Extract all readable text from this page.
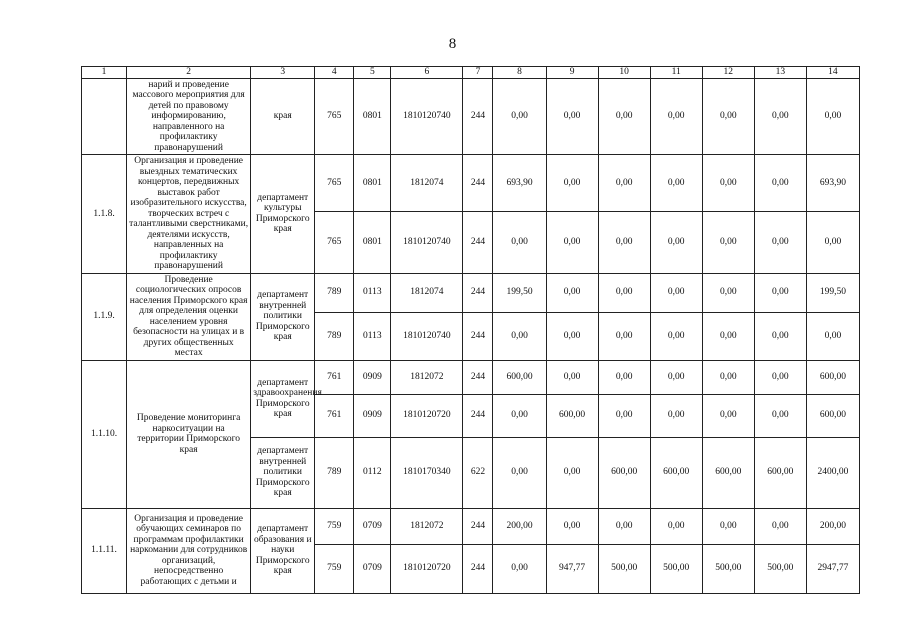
8
1	2	3	4	5	6	7	8	9	10	11	12	13	14
	нарий и проведение массового мероприятия для детей по правовому информированию, направленного на профилактику правонарушений	края	765	0801	1810120740	244	0,00	0,00	0,00	0,00	0,00	0,00	0,00
1.1.8.	Организация и проведение выездных тематических концертов, передвижных выставок работ изобразительного искусства, творческих встреч с талантливыми сверстниками, деятелями искусств, направленных на профилактику правонарушений	департамент культуры Приморского края	765	0801	1812074	244	693,90	0,00	0,00	0,00	0,00	0,00	693,90
			765	0801	1810120740	244	0,00	0,00	0,00	0,00	0,00	0,00	0,00
1.1.9.	Проведение социологических опросов населения Приморского края для определения оценки населением уровня безопасности на улицах и в других общественных местах	департамент внутренней политики Приморского края	789	0113	1812074	244	199,50	0,00	0,00	0,00	0,00	0,00	199,50
			789	0113	1810120740	244	0,00	0,00	0,00	0,00	0,00	0,00	0,00
1.1.10.	Проведение мониторинга наркоситуации на территории Приморского края	департамент здравоохранения Приморского края	761	0909	1812072	244	600,00	0,00	0,00	0,00	0,00	0,00	600,00
			761	0909	1810120720	244	0,00	600,00	0,00	0,00	0,00	0,00	600,00
		департамент внутренней политики Приморского края	789	0112	1810170340	622	0,00	0,00	600,00	600,00	600,00	600,00	2400,00
1.1.11.	Организация и проведение обучающих семинаров по программам профилактики наркомании для сотрудников организаций, непосредственно работающих с детьми и	департамент образования и науки Приморского края	759	0709	1812072	244	200,00	0,00	0,00	0,00	0,00	0,00	200,00
			759	0709	1810120720	244	0,00	947,77	500,00	500,00	500,00	500,00	2947,77
